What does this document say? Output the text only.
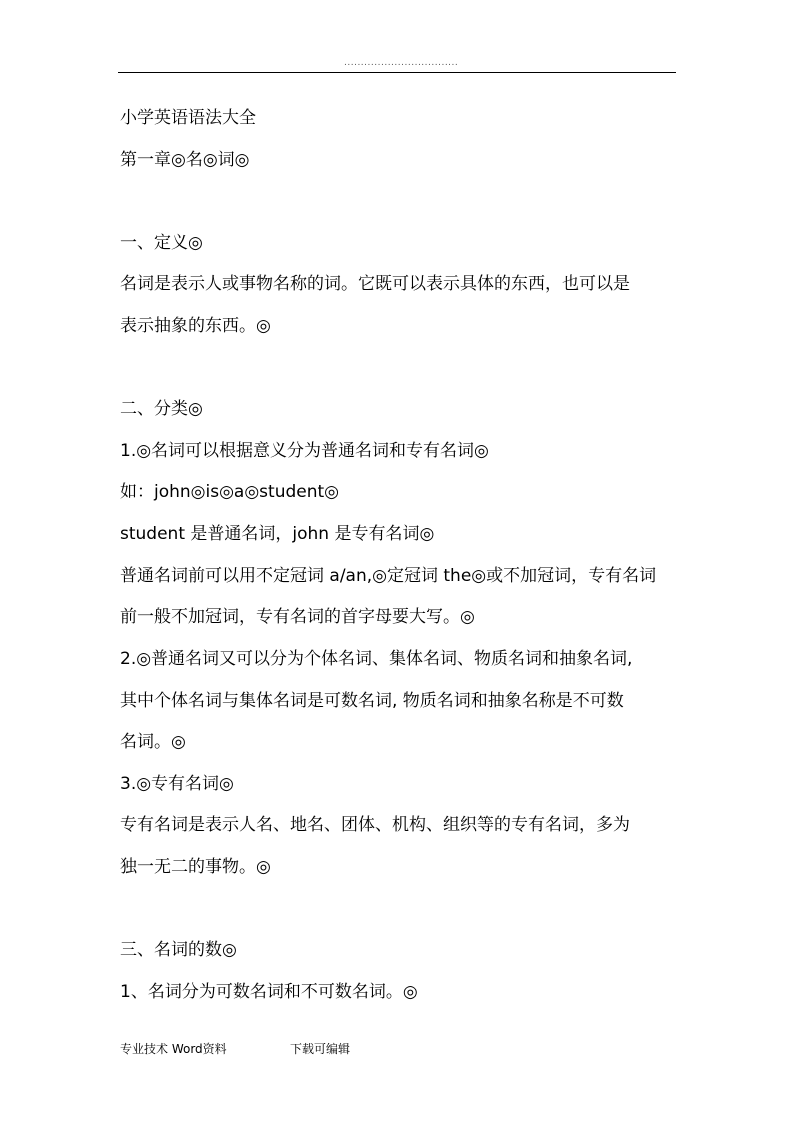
..................................
小学英语语法大全
第一章◎名◎词◎
一、定义◎
名词是表示人或事物名称的词。它既可以表示具体的东西，也可以是
表示抽象的东西。◎
二、分类◎
1.◎名词可以根据意义分为普通名词和专有名词◎
如：john◎is◎a◎student◎
student 是普通名词，john 是专有名词◎
普通名词前可以用不定冠词 a/an,◎定冠词 the◎或不加冠词，专有名词
前一般不加冠词，专有名词的首字母要大写。◎
2.◎普通名词又可以分为个体名词、集体名词、物质名词和抽象名词,
其中个体名词与集体名词是可数名词, 物质名词和抽象名称是不可数
名词。◎
3.◎专有名词◎
专有名词是表示人名、地名、团体、机构、组织等的专有名词，多为
独一无二的事物。◎
三、名词的数◎
1、名词分为可数名词和不可数名词。◎
专业技术 Word资料	下载可编辑
